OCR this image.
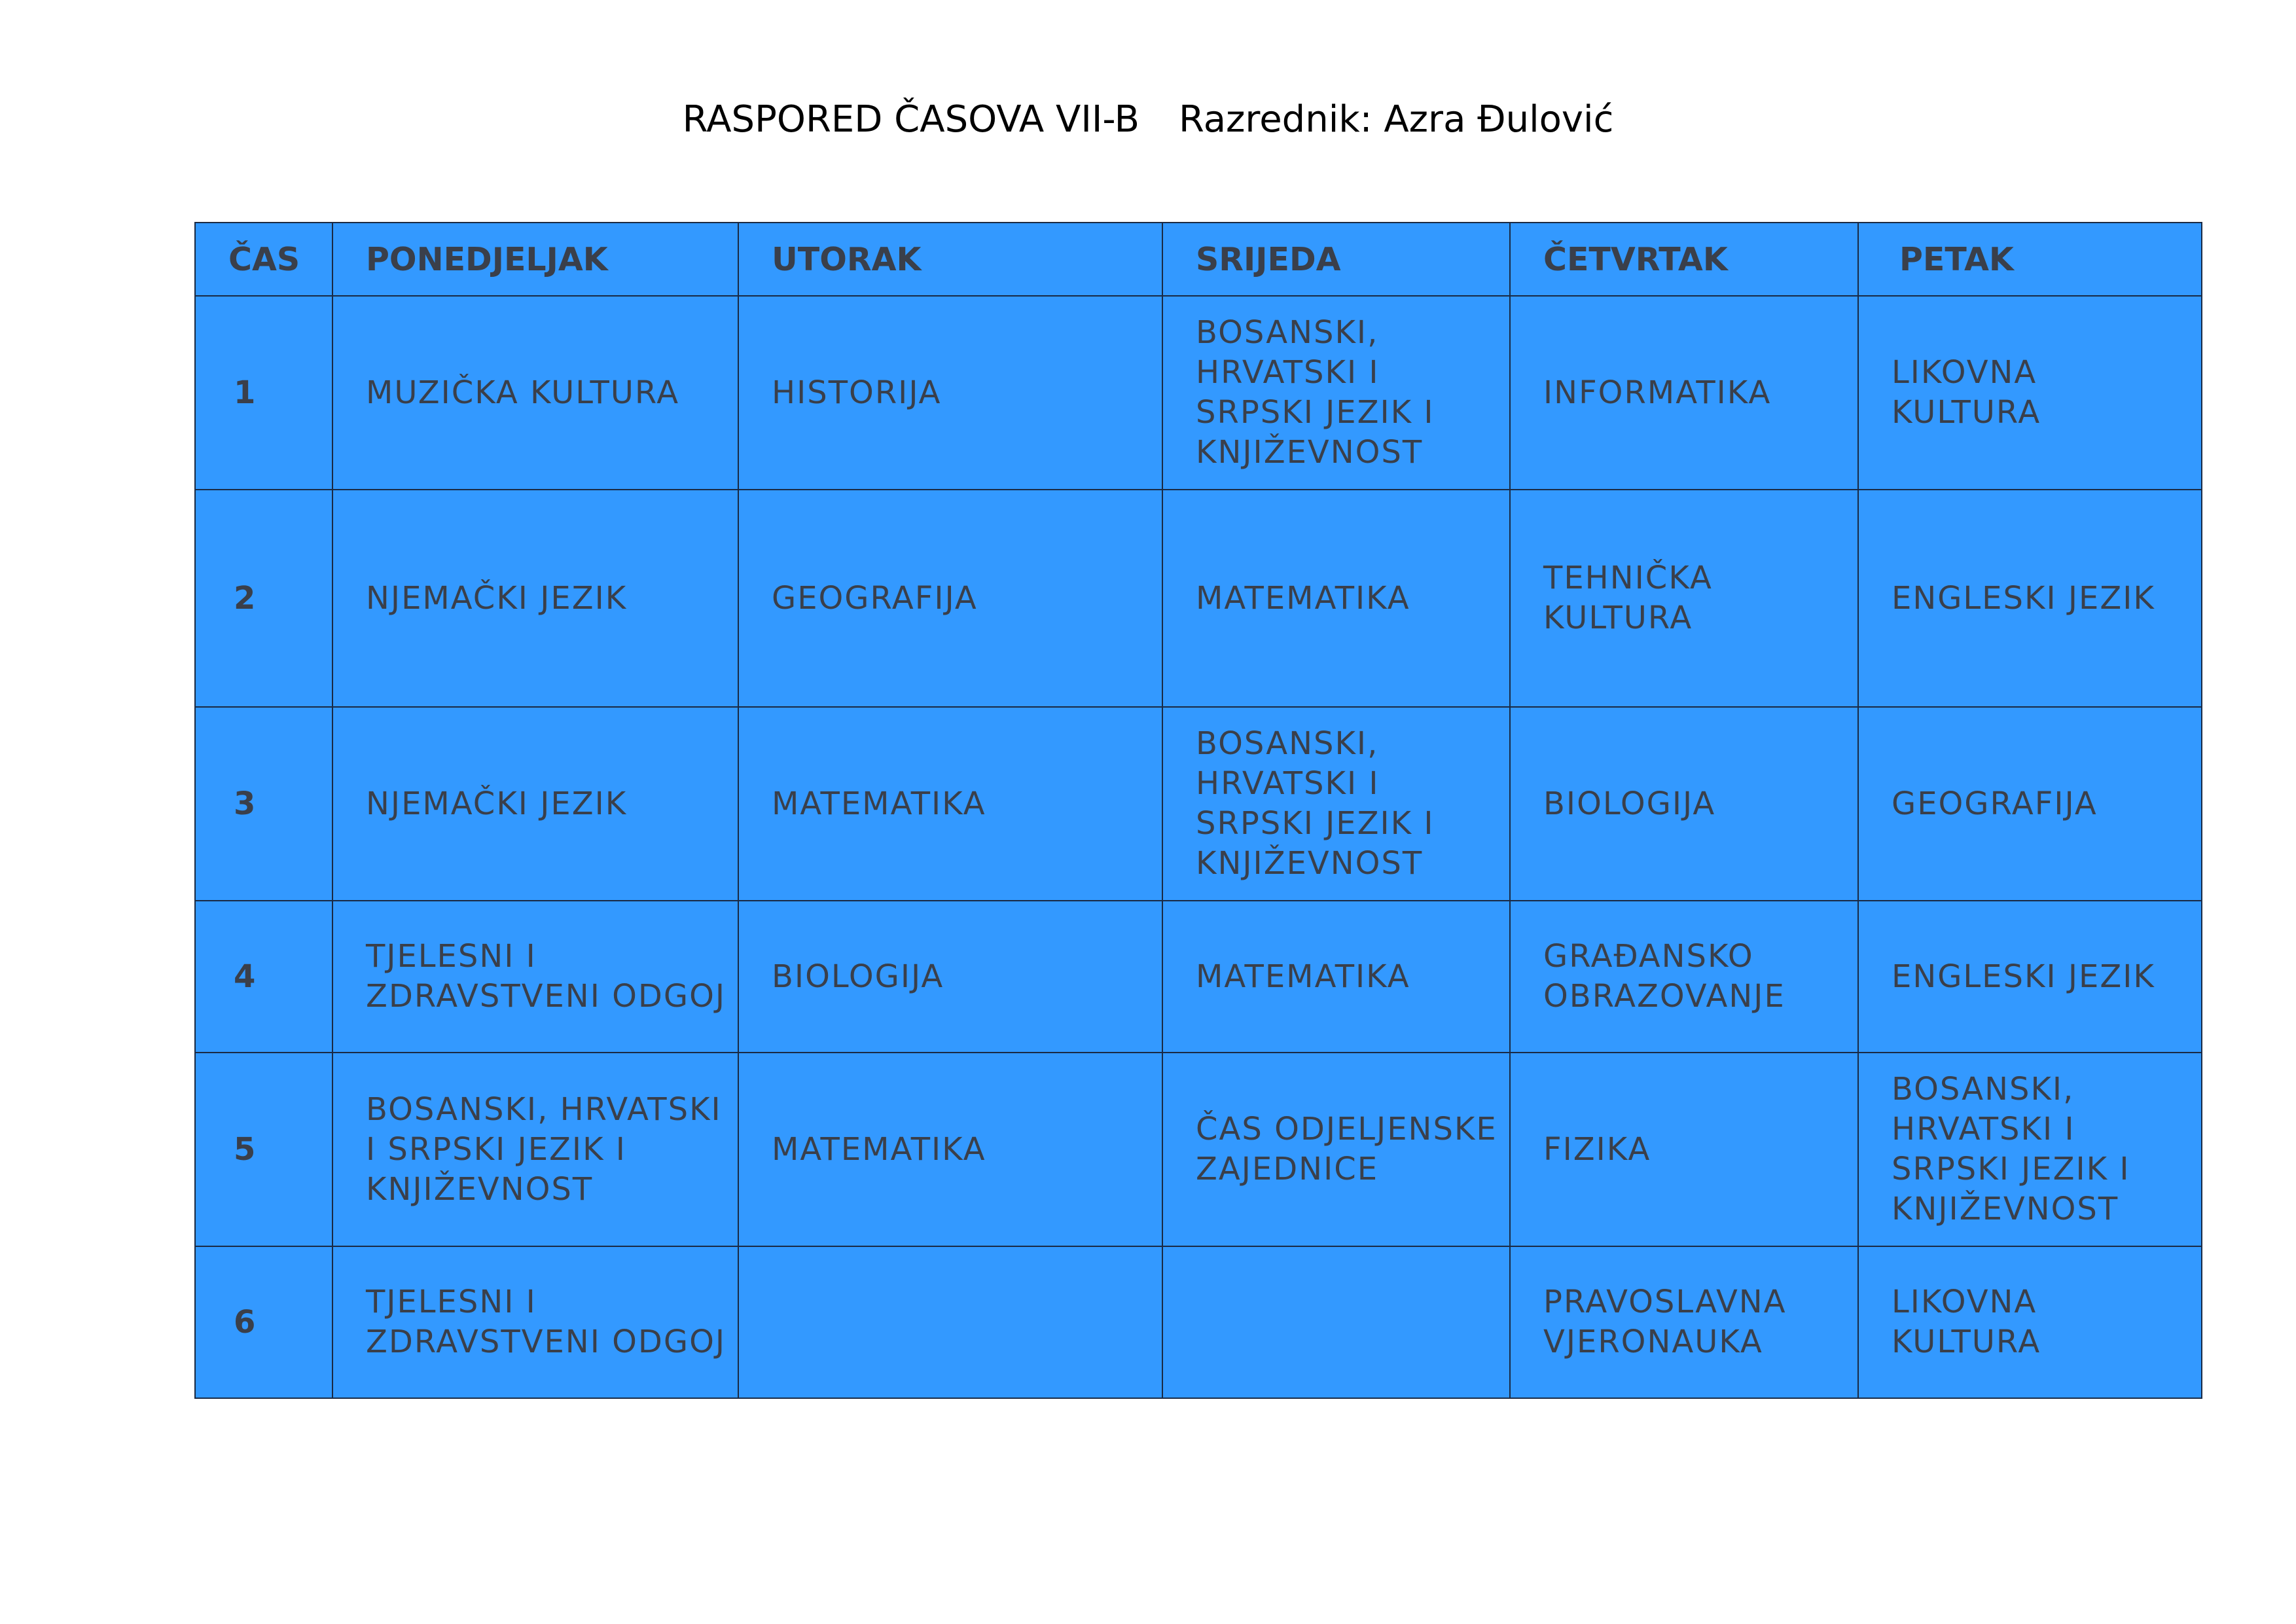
RASPORED ČASOVA VII-B Razrednik: Azra Đulović
ČAS	PONEDJELJAK	UTORAK	SRIJEDA	ČETVRTAK	PETAK
1	MUZIČKA KULTURA	HISTORIJA	BOSANSKI, HRVATSKI I SRPSKI JEZIK I KNJIŽEVNOST	INFORMATIKA	LIKOVNA KULTURA
2	NJEMAČKI JEZIK	GEOGRAFIJA	MATEMATIKA	TEHNIČKA KULTURA	ENGLESKI JEZIK
3	NJEMAČKI JEZIK	MATEMATIKA	BOSANSKI, HRVATSKI I SRPSKI JEZIK I KNJIŽEVNOST	BIOLOGIJA	GEOGRAFIJA
4	TJELESNI I ZDRAVSTVENI ODGOJ	BIOLOGIJA	MATEMATIKA	GRAĐANSKO OBRAZOVANJE	ENGLESKI JEZIK
5	BOSANSKI, HRVATSKI I SRPSKI JEZIK I KNJIŽEVNOST	MATEMATIKA	ČAS ODJELJENSKE ZAJEDNICE	FIZIKA	BOSANSKI, HRVATSKI I SRPSKI JEZIK I KNJIŽEVNOST
6	TJELESNI I ZDRAVSTVENI ODGOJ			PRAVOSLAVNA VJERONAUKA	LIKOVNA KULTURA
